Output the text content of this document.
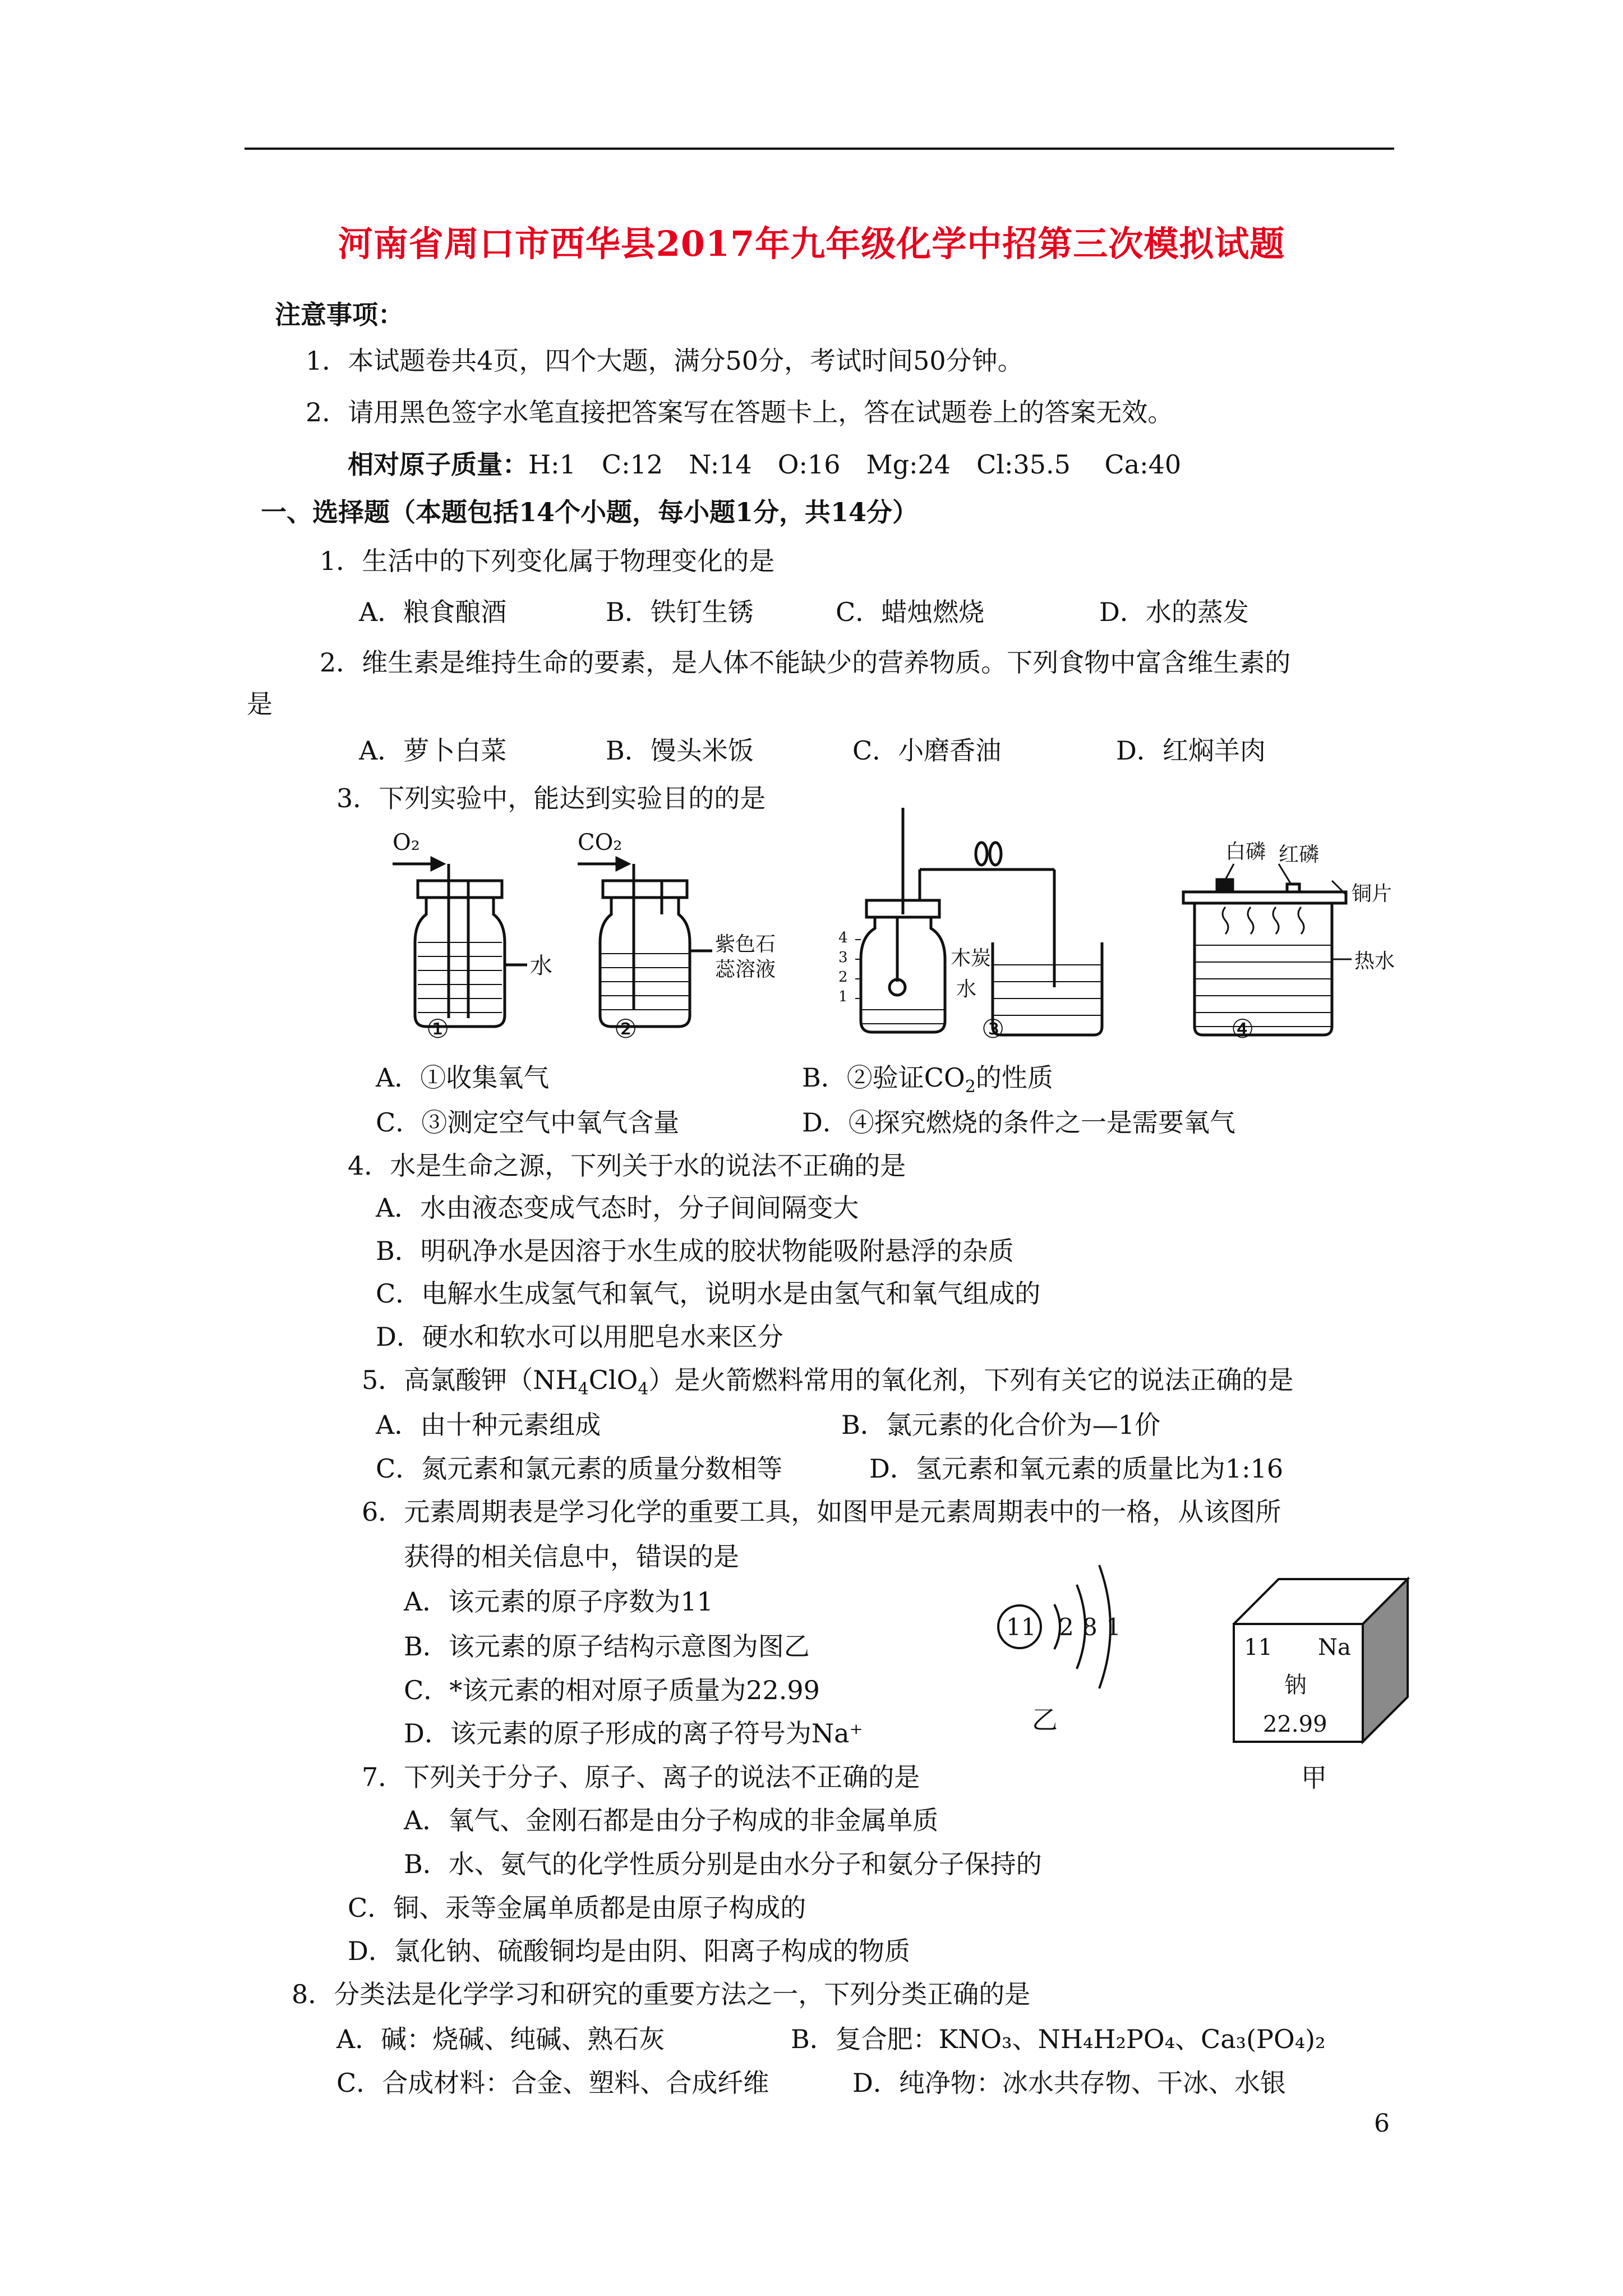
河南省周口市西华县2017年九年级化学中招第三次模拟试题
注意事项：
1．本试题卷共4页，四个大题，满分50分，考试时间50分钟。
2．请用黑色签字水笔直接把答案写在答题卡上，答在试题卷上的答案无效。
相对原子质量：H:1　C:12　N:14　O:16　Mg:24　Cl:35.5　 Ca:40
一、选择题（本题包括14个小题，每小题1分，共14分）
1．生活中的下列变化属于物理变化的是
A．粮食酿酒	B．铁钉生锈	C．蜡烛燃烧	D．水的蒸发
2．维生素是维持生命的要素，是人体不能缺少的营养物质。下列食物中富含维生素的
是
A．萝卜白菜	B．馒头米饭	C．小磨香油	D．红焖羊肉
3．下列实验中，能达到实验目的的是
O₂	CO₂
水
紫色石
蕊溶液	木炭
水
4
3
2
1
白磷 红磷
铜片
热水
①	②	③	④
A．①收集氧气	B．②验证$CO_2$的性质
C．③测定空气中氧气含量	D．④探究燃烧的条件之一是需要氧气
4．水是生命之源，下列关于水的说法不正确的是
A．水由液态变成气态时，分子间间隔变大
B．明矾净水是因溶于水生成的胶状物能吸附悬浮的杂质
C．电解水生成氢气和氧气，说明水是由氢气和氧气组成的
D．硬水和软水可以用肥皂水来区分
5．高氯酸钾$(NH_4ClO_4)$是火箭燃料常用的氧化剂，下列有关它的说法正确的是
A．由十种元素组成	B．氯元素的化合价为—1价
C．氮元素和氯元素的质量分数相等	D．氢元素和氧元素的质量比为1:16
6．元素周期表是学习化学的重要工具，如图甲是元素周期表中的一格，从该图所
获得的相关信息中，错误的是
A．该元素的原子序数为11
B．该元素的原子结构示意图为图乙
C．*该元素的相对原子质量为22.99
D．该元素的原子形成的离子符号为Na⁺
11 2 8 1
乙
11 Na
钠
22.99
甲
7．下列关于分子、原子、离子的说法不正确的是
A．氧气、金刚石都是由分子构成的非金属单质
B．水、氨气的化学性质分别是由水分子和氨分子保持的
C．铜、汞等金属单质都是由原子构成的
D．氯化钠、硫酸铜均是由阴、阳离子构成的物质
8．分类法是化学学习和研究的重要方法之一，下列分类正确的是
A．碱：烧碱、纯碱、熟石灰	B．复合肥：KNO₃、NH₄H₂PO₄、Ca₃(PO₄)₂
C．合成材料：合金、塑料、合成纤维	D．纯净物：冰水共存物、干冰、水银
6
